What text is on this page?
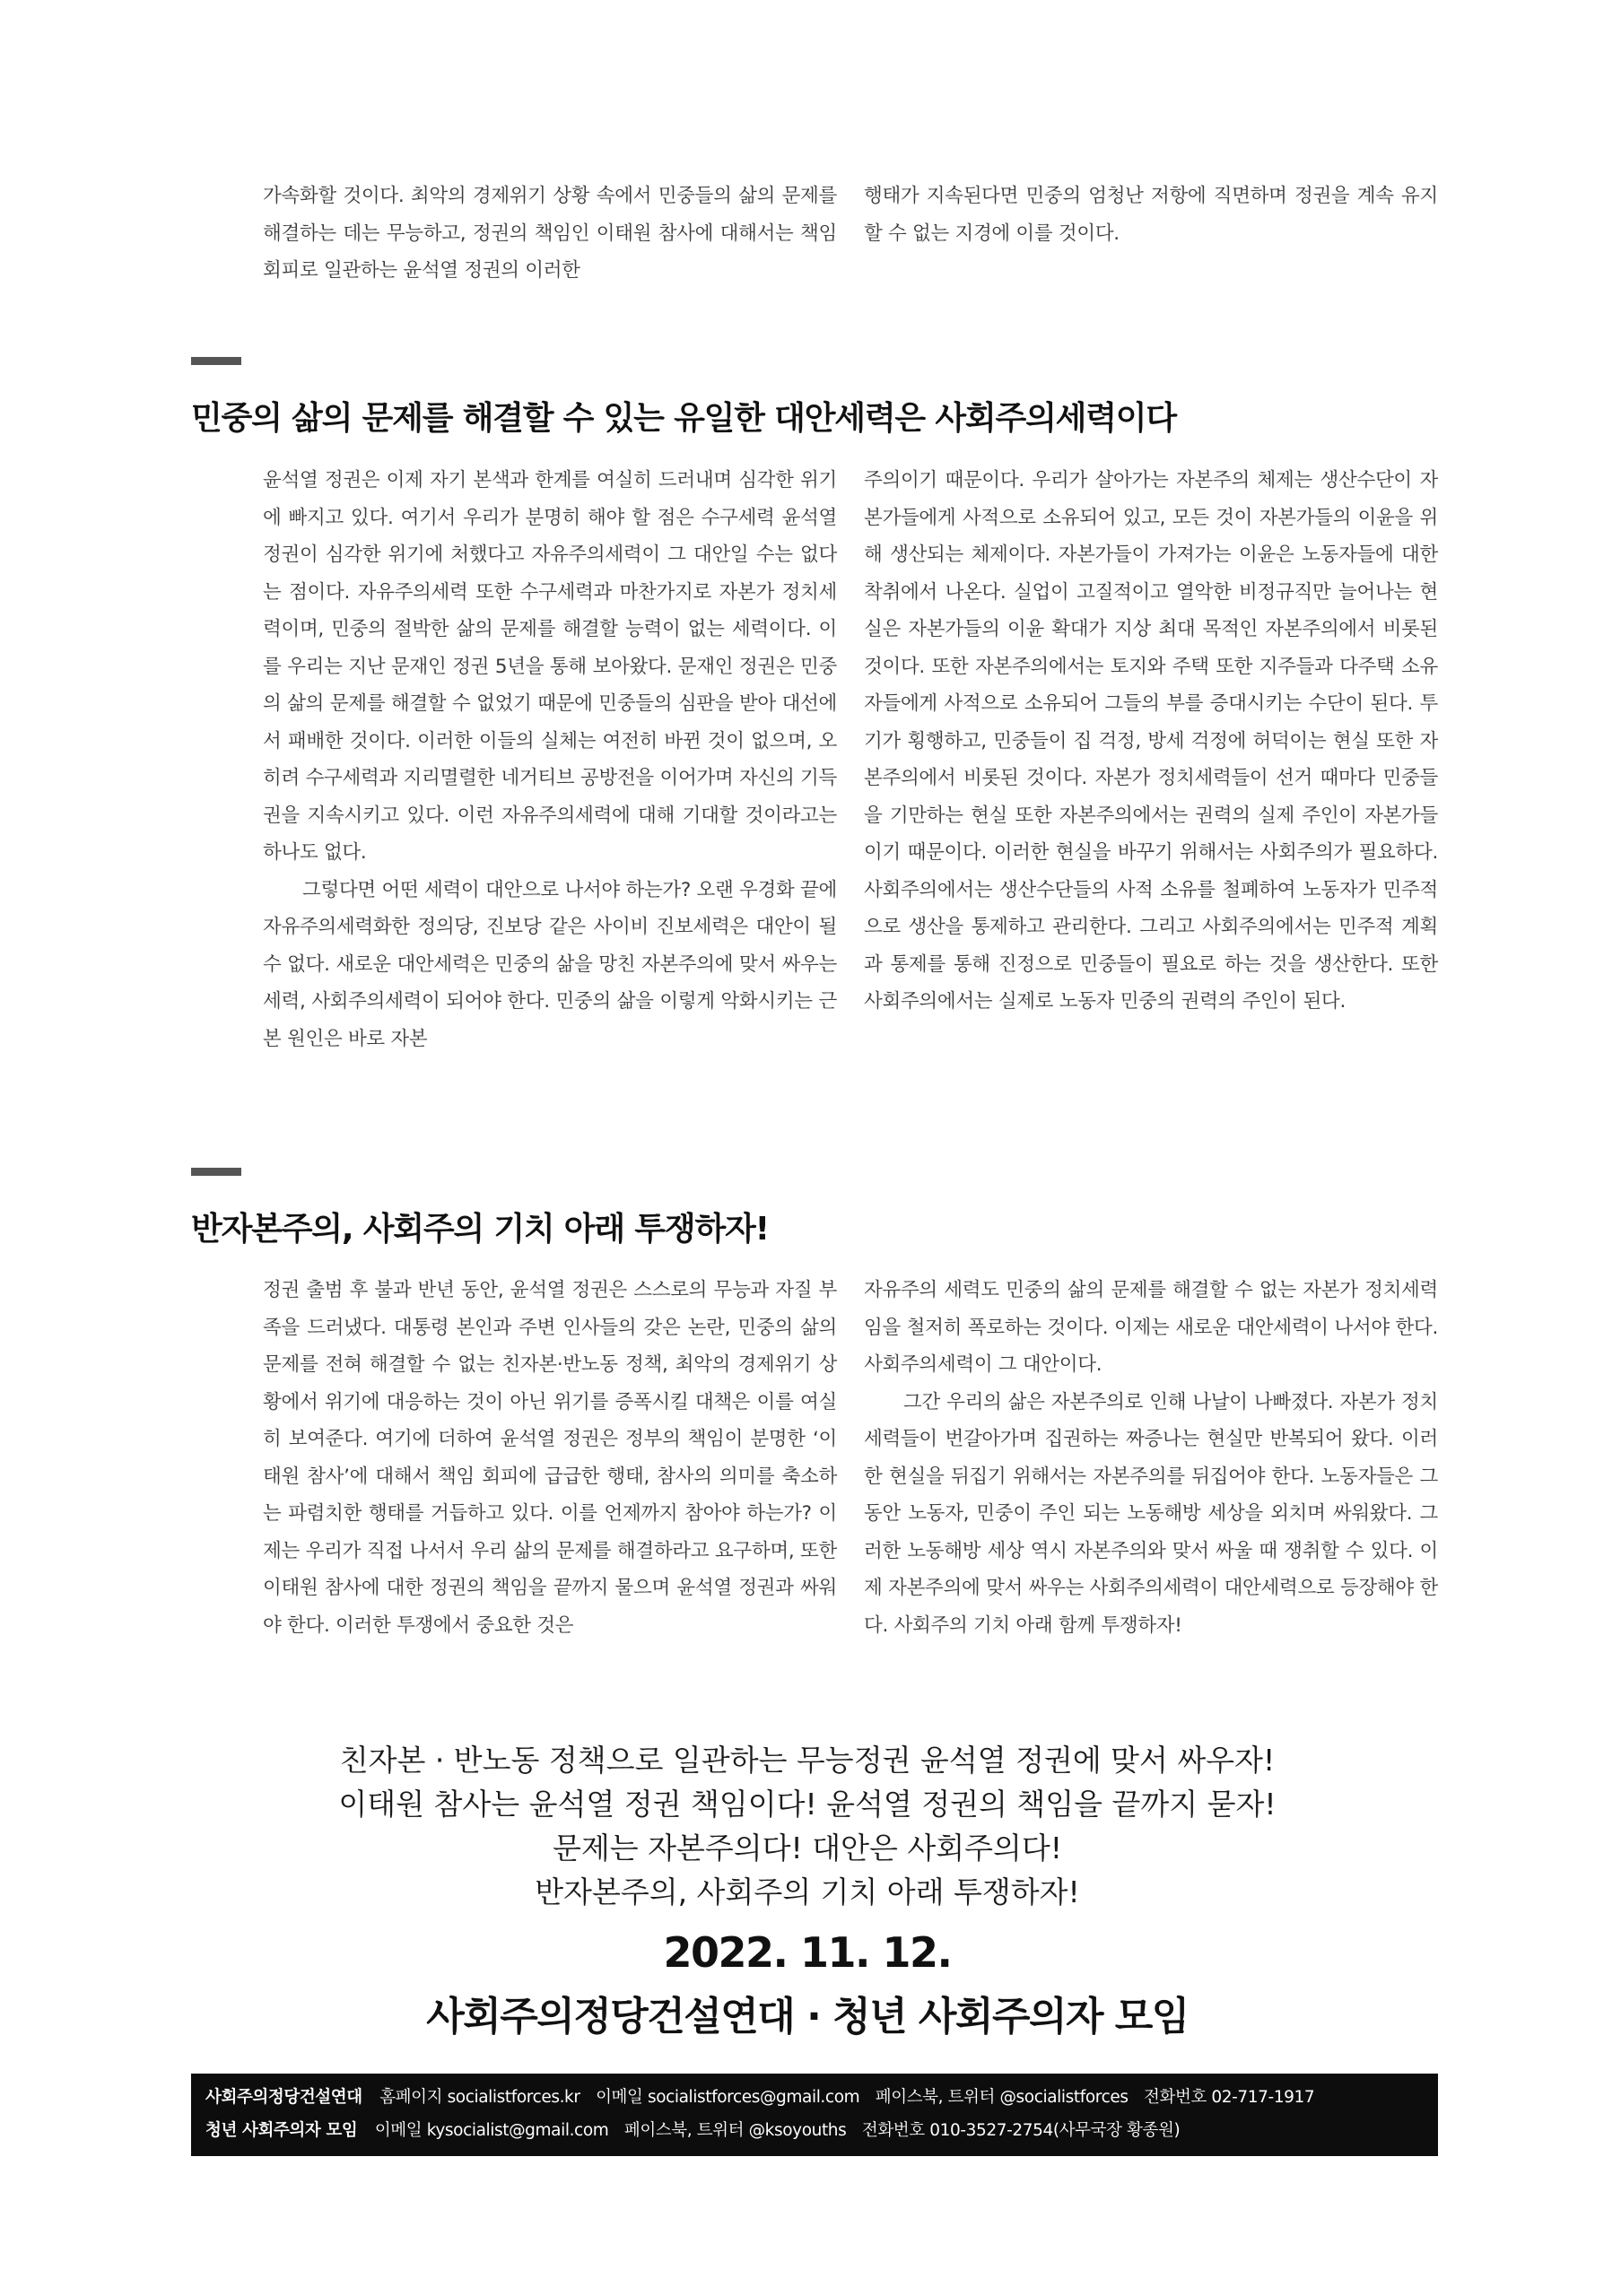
가속화할 것이다. 최악의 경제위기 상황 속에서 민중들의 삶의 문제를 해결하는 데는 무능하고, 정권의 책임인 이태원 참사에 대해서는 책임 회피로 일관하는 윤석열 정권의 이러한

행태가 지속된다면 민중의 엄청난 저항에 직면하며 정권을 계속 유지할 수 없는 지경에 이를 것이다.

민중의 삶의 문제를 해결할 수 있는 유일한 대안세력은 사회주의세력이다

윤석열 정권은 이제 자기 본색과 한계를 여실히 드러내며 심각한 위기에 빠지고 있다. 여기서 우리가 분명히 해야 할 점은 수구세력 윤석열 정권이 심각한 위기에 처했다고 자유주의세력이 그 대안일 수는 없다는 점이다. 자유주의세력 또한 수구세력과 마찬가지로 자본가 정치세력이며, 민중의 절박한 삶의 문제를 해결할 능력이 없는 세력이다. 이를 우리는 지난 문재인 정권 5년을 통해 보아왔다. 문재인 정권은 민중의 삶의 문제를 해결할 수 없었기 때문에 민중들의 심판을 받아 대선에서 패배한 것이다. 이러한 이들의 실체는 여전히 바뀐 것이 없으며, 오히려 수구세력과 지리멸렬한 네거티브 공방전을 이어가며 자신의 기득권을 지속시키고 있다. 이런 자유주의세력에 대해 기대할 것이라고는 하나도 없다.

그렇다면 어떤 세력이 대안으로 나서야 하는가? 오랜 우경화 끝에 자유주의세력화한 정의당, 진보당 같은 사이비 진보세력은 대안이 될 수 없다. 새로운 대안세력은 민중의 삶을 망친 자본주의에 맞서 싸우는 세력, 사회주의세력이 되어야 한다. 민중의 삶을 이렇게 악화시키는 근본 원인은 바로 자본

주의이기 때문이다. 우리가 살아가는 자본주의 체제는 생산수단이 자본가들에게 사적으로 소유되어 있고, 모든 것이 자본가들의 이윤을 위해 생산되는 체제이다. 자본가들이 가져가는 이윤은 노동자들에 대한 착취에서 나온다. 실업이 고질적이고 열악한 비정규직만 늘어나는 현실은 자본가들의 이윤 확대가 지상 최대 목적인 자본주의에서 비롯된 것이다. 또한 자본주의에서는 토지와 주택 또한 지주들과 다주택 소유자들에게 사적으로 소유되어 그들의 부를 증대시키는 수단이 된다. 투기가 횡행하고, 민중들이 집 걱정, 방세 걱정에 허덕이는 현실 또한 자본주의에서 비롯된 것이다. 자본가 정치세력들이 선거 때마다 민중들을 기만하는 현실 또한 자본주의에서는 권력의 실제 주인이 자본가들이기 때문이다. 이러한 현실을 바꾸기 위해서는 사회주의가 필요하다. 사회주의에서는 생산수단들의 사적 소유를 철폐하여 노동자가 민주적으로 생산을 통제하고 관리한다. 그리고 사회주의에서는 민주적 계획과 통제를 통해 진정으로 민중들이 필요로 하는 것을 생산한다. 또한 사회주의에서는 실제로 노동자 민중의 권력의 주인이 된다.

반자본주의, 사회주의 기치 아래 투쟁하자!

정권 출범 후 불과 반년 동안, 윤석열 정권은 스스로의 무능과 자질 부족을 드러냈다. 대통령 본인과 주변 인사들의 갖은 논란, 민중의 삶의 문제를 전혀 해결할 수 없는 친자본·반노동 정책, 최악의 경제위기 상황에서 위기에 대응하는 것이 아닌 위기를 증폭시킬 대책은 이를 여실히 보여준다. 여기에 더하여 윤석열 정권은 정부의 책임이 분명한 ‘이태원 참사’에 대해서 책임 회피에 급급한 행태, 참사의 의미를 축소하는 파렴치한 행태를 거듭하고 있다. 이를 언제까지 참아야 하는가? 이제는 우리가 직접 나서서 우리 삶의 문제를 해결하라고 요구하며, 또한 이태원 참사에 대한 정권의 책임을 끝까지 물으며 윤석열 정권과 싸워야 한다. 이러한 투쟁에서 중요한 것은

자유주의 세력도 민중의 삶의 문제를 해결할 수 없는 자본가 정치세력임을 철저히 폭로하는 것이다. 이제는 새로운 대안세력이 나서야 한다. 사회주의세력이 그 대안이다.

그간 우리의 삶은 자본주의로 인해 나날이 나빠졌다. 자본가 정치세력들이 번갈아가며 집권하는 짜증나는 현실만 반복되어 왔다. 이러한 현실을 뒤집기 위해서는 자본주의를 뒤집어야 한다. 노동자들은 그동안 노동자, 민중이 주인 되는 노동해방 세상을 외치며 싸워왔다. 그러한 노동해방 세상 역시 자본주의와 맞서 싸울 때 쟁취할 수 있다. 이제 자본주의에 맞서 싸우는 사회주의세력이 대안세력으로 등장해야 한다. 사회주의 기치 아래 함께 투쟁하자!

친자본 · 반노동 정책으로 일관하는 무능정권 윤석열 정권에 맞서 싸우자!
이태원 참사는 윤석열 정권 책임이다! 윤석열 정권의 책임을 끝까지 묻자!
문제는 자본주의다! 대안은 사회주의다!
반자본주의, 사회주의 기치 아래 투쟁하자!
2022. 11. 12.
사회주의정당건설연대 · 청년 사회주의자 모임
사회주의정당건설연대 홈페이지 socialistforces.kr 이메일 socialistforces@gmail.com 페이스북, 트위터 @socialistforces 전화번호 02-717-1917
청년 사회주의자 모임 이메일 kysocialist@gmail.com 페이스북, 트위터 @ksoyouths 전화번호 010-3527-2754(사무국장 황종원)
